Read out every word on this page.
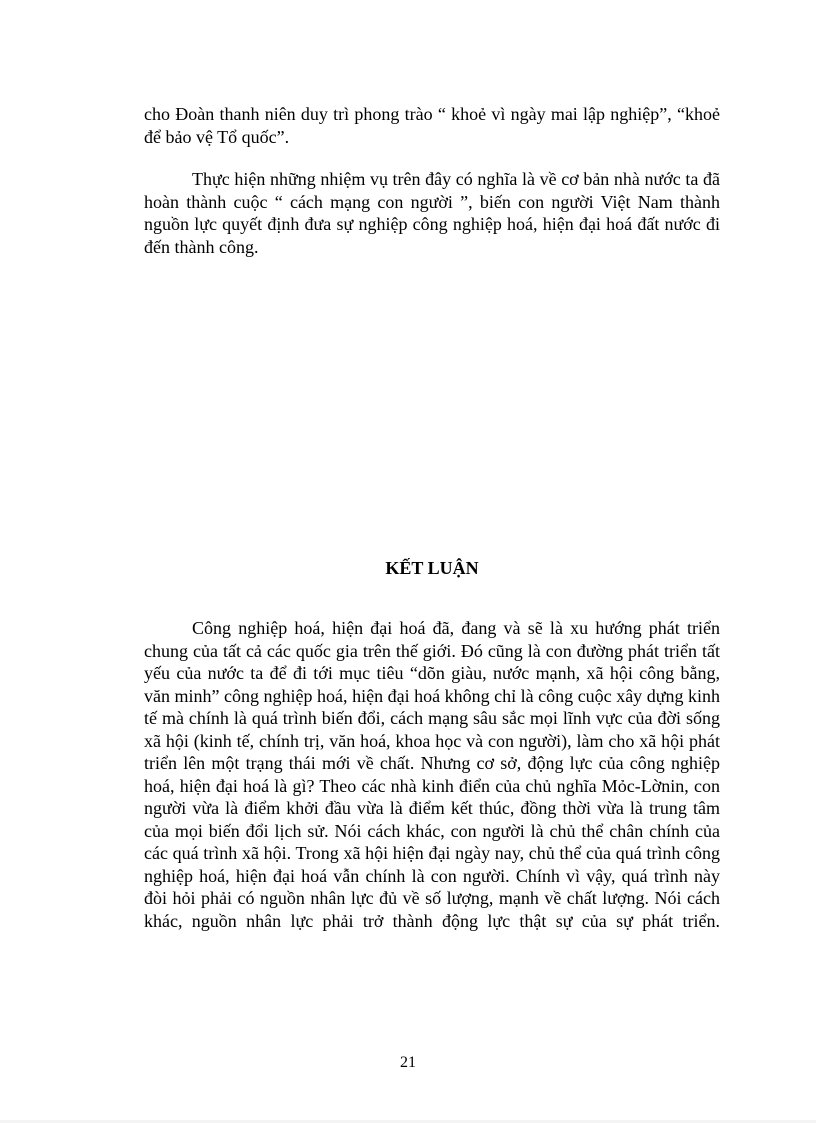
cho Đoàn thanh niên duy trì phong trào “ khoẻ vì ngày mai lập nghiệp”, “khoẻ để bảo vệ Tổ quốc”.

Thực hiện những nhiệm vụ trên đây có nghĩa là về cơ bản nhà nước ta đã hoàn thành cuộc “ cách mạng con người ”, biến con người Việt Nam thành nguồn lực quyết định đưa sự nghiệp công nghiệp hoá, hiện đại hoá đất nước đi đến thành công.

KẾT LUẬN

Công nghiệp hoá, hiện đại hoá đã, đang và sẽ là xu hướng phát triển chung của tất cả các quốc gia trên thế giới. Đó cũng là con đường phát triển tất yếu của nước ta để đi tới mục tiêu “dõn giàu, nước mạnh, xã hội công bằng, văn minh” công nghiệp hoá, hiện đại hoá không chỉ là công cuộc xây dựng kinh tế mà chính là quá trình biến đổi, cách mạng sâu sắc mọi lĩnh vực của đời sống xã hội (kinh tế, chính trị, văn hoá, khoa học và con người), làm cho xã hội phát triển lên một trạng thái mới về chất. Nhưng cơ sở, động lực của công nghiệp hoá, hiện đại hoá là gì? Theo các nhà kinh điển của chủ nghĩa Mỏc-Lờnin, con người vừa là điểm khởi đầu vừa là điểm kết thúc, đồng thời vừa là trung tâm của mọi biến đổi lịch sử. Nói cách khác, con người là chủ thể chân chính của các quá trình xã hội. Trong xã hội hiện đại ngày nay, chủ thể của quá trình công nghiệp hoá, hiện đại hoá vẫn chính là con người. Chính vì vậy, quá trình này đòi hỏi phải có nguồn nhân lực đủ về số lượng, mạnh về chất lượng. Nói cách khác, nguồn nhân lực phải trở thành động lực thật sự của sự phát triển.

21
